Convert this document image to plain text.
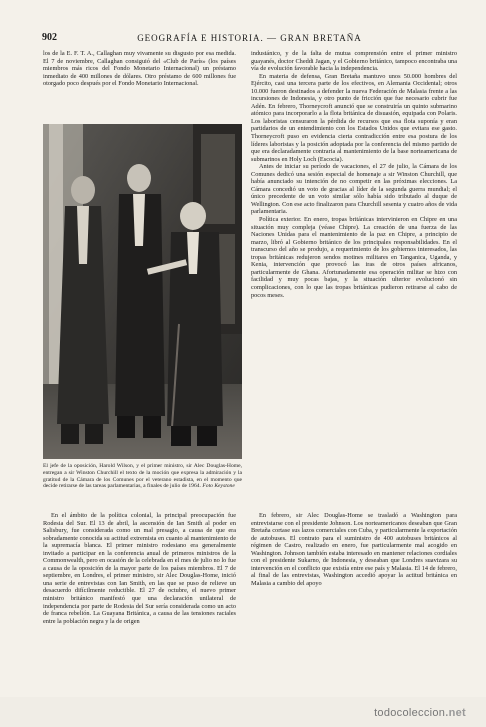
902	GEOGRAFÍA E HISTORIA. — GRAN BRETAÑA

los de la E. F. T. A., Callaghan muy vivamente su disgusto por esa medida. El 7 de noviembre, Callaghan consiguió del «Club de París» (los países miembros más ricos del Fondo Monetario Internacional) un préstamo inmediato de 400 millones de dólares. Otro préstamo de 600 millones fue otorgado poco después por el Fondo Monetario Internacional.

El jefe de la oposición, Harold Wilson, y el primer ministro, sir Alec Douglas-Home, entregan a sir Winston Churchill el texto de la moción que expresa la admiración y la gratitud de la Cámara de los Comunes por el veterano estadista, en el momento que decide retirarse de las tareas parlamentarias, a finales de julio de 1964. Foto Keystone

industánico, y de la falta de mutua comprensión entre el primer ministro guayanés, doctor Cheddi Jagan, y el Gobierno británico, tampoco encontraba una vía de evolución favorable hacia la independencia.

En materia de defensa, Gran Bretaña mantuvo unos 50.000 hombres del Ejército, casi una tercera parte de los efectivos, en Alemania Occidental; otros 10.000 fueron destinados a defender la nueva Federación de Malasia frente a las incursiones de Indonesia, y otro punto de fricción que fue necesario cubrir fue Adén. En febrero, Thorneycroft anunció que se construiría un quinto submarino atómico para incorporarlo a la flota británica de disuasión, equipada con Polaris. Los laboristas censuraron la pérdida de recursos que esa flota suponía y eran partidarios de un entendimiento con los Estados Unidos que evitara ese gasto. Thorneycroft puso en evidencia cierta contradicción entre esa postura de los líderes laboristas y la posición adoptada por la conferencia del mismo partido de que era declaradamente contraria al mantenimiento de la base norteamericana de submarinos en Holy Loch (Escocia).

Antes de iniciar su período de vacaciones, el 27 de julio, la Cámara de los Comunes dedicó una sesión especial de homenaje a sir Winston Churchill, que había anunciado su intención de no competir en las próximas elecciones. La Cámara concedió un voto de gracias al líder de la segunda guerra mundial; el único precedente de un voto similar sólo había sido tributado al duque de Wellington. Con ese acto finalizaron para Churchill sesenta y cuatro años de vida parlamentaria.

Política exterior. En enero, tropas británicas intervinieron en Chipre en una situación muy compleja (véase Chipre). La creación de una fuerza de las Naciones Unidas para el mantenimiento de la paz en Chipre, a principio de marzo, libró al Gobierno británico de los principales responsabilidades. En el transcurso del año se produjo, a requerimiento de los gobiernos interesados, las tropas británicas redujeron sendos motines militares en Tanganica, Uganda, y Kenia, intervención que provocó las iras de otros países africanos, particularmente de Ghana. Afortunadamente esa operación militar se hizo con facilidad y muy pocas bajas, y la situación ulterior evolucionó sin complicaciones, con lo que las tropas británicas pudieron retirarse al cabo de pocos meses.

En el ámbito de la política colonial, la principal preocupación fue Rodesia del Sur. El 13 de abril, la ascensión de Ian Smith al poder en Salisbury, fue considerada como un mal presagio, a causa de que era sobradamente conocida su actitud extremista en cuanto al mantenimiento de la supremacía blanca. El primer ministro rodesiano era generalmente invitado a participar en la conferencia anual de primeros ministros de la Commonwealth, pero en ocasión de la celebrada en el mes de julio no lo fue a causa de la oposición de la mayor parte de los países miembros. El 7 de septiembre, en Londres, el primer ministro, sir Alec Douglas-Home, inició una serie de entrevistas con Ian Smith, en las que se puso de relieve un desacuerdo difícilmente reductible. El 27 de octubre, el nuevo primer ministro británico manifestó que una declaración unilateral de independencia por parte de Rodesia del Sur sería considerada como un acto de franca rebelión. La Guayana Británica, a causa de las tensiones raciales entre la población negra y la de origen

En febrero, sir Alec Douglas-Home se trasladó a Washington para entrevistarse con el presidente Johnson. Los norteamericanos deseaban que Gran Bretaña cortase sus lazos comerciales con Cuba, y particularmente la exportación de autobuses. El contrato para el suministro de 400 autobuses británicos al régimen de Castro, realizado en enero, fue particularmente mal acogido en Washington. Johnson también estaba interesado en mantener relaciones cordiales con el presidente Sukarno, de Indonesia, y deseaban que Londres suavizara su intervención en el conflicto que existía entre ese país y Malasia. El 14 de febrero, al final de las entrevistas, Washington accedió apoyar la actitud británica en Malasia a cambio del apoyo

todocoleccion.net
